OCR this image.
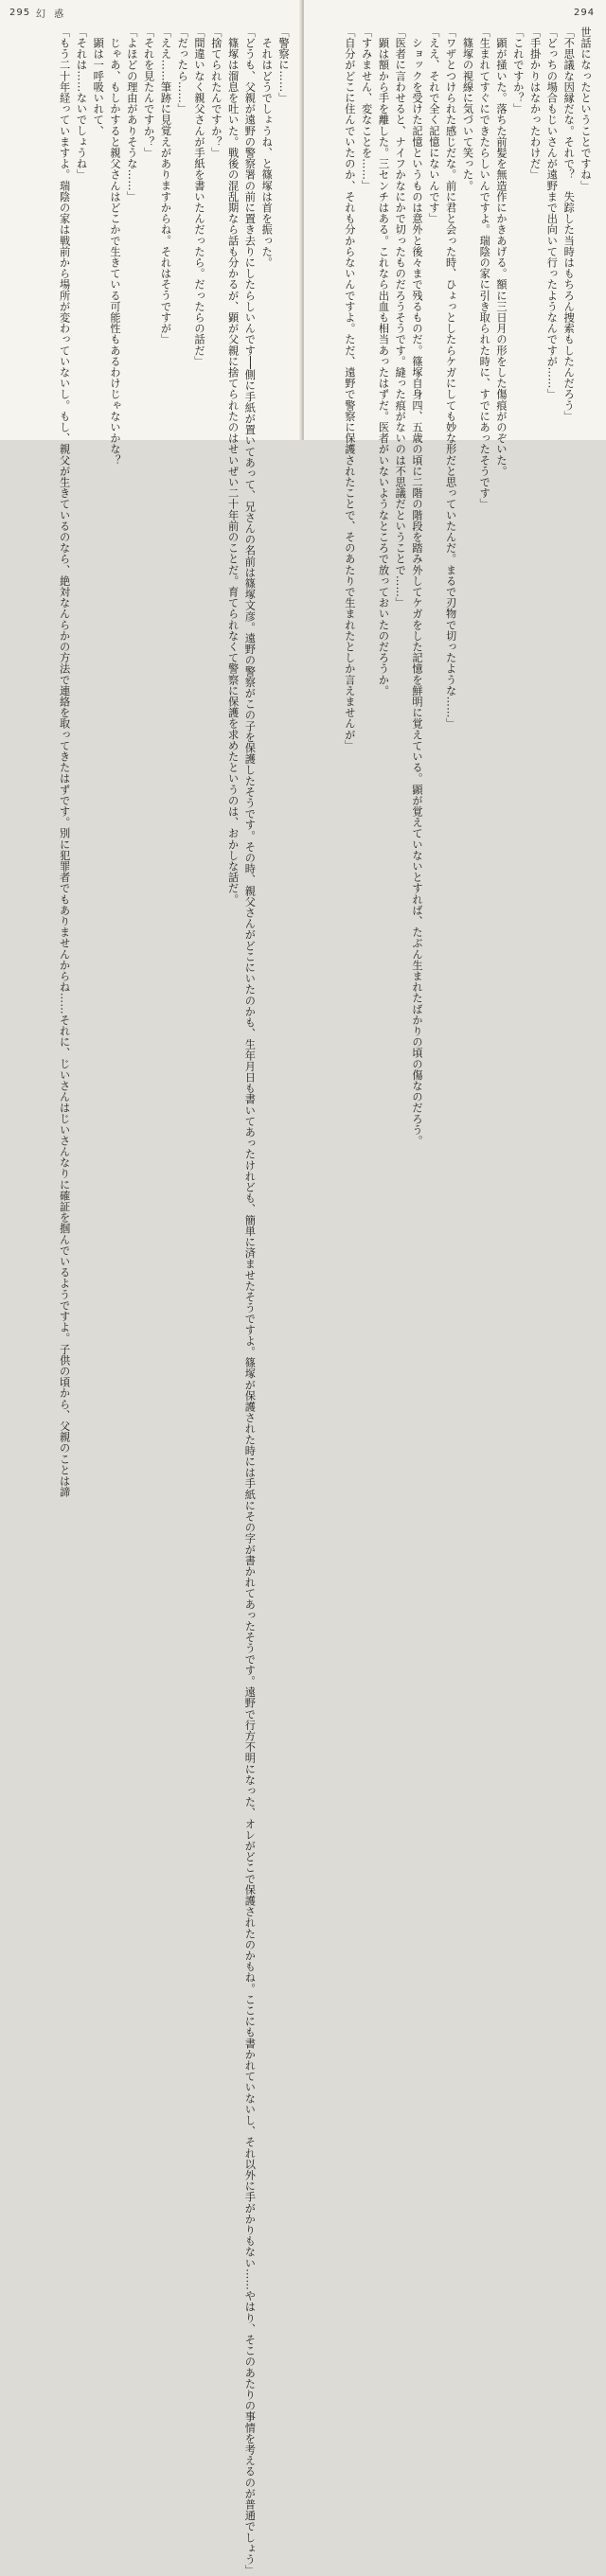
295 幻 惑
「警察に……」
　それはどうでしょうね、と篠塚は首を振った。
「どうも、父親が遠野の警察署の前に置き去りにしたらしいんです──側に手紙が置いてあって、兄さんの名前は篠塚文彦。遠野の警察がこの子を保護したそうです。その時、親父さんがどこにいたのかも、生年月日も書いてあったけれども、簡単に済ませたそうですよ。篠塚が保護された時には手紙にその字が書かれてあったそうです。遠野で行方不明になった、オレがどこで保護されたのかもね。ここにも書かれていないし、それ以外に手がかりもない……やはり、そこのあたりの事情を考えるのが普通でしょう」
　篠塚は溜息を吐いた。戦後の混乱期なら話も分かるが、顕が父親に捨てられたのはせいぜい二十年前のことだ。育てられなくて警察に保護を求めたというのは、おかしな話だ。
「捨てられたんですか？」
「間違いなく親父さんが手紙を書いたんだったら。だったらの話だ」
「だったら……」
「ええ……筆跡に見覚えがありますからね。それはそうですが」
「それを見たんですか？」
「よほどの理由がありそうな……」
　じゃあ、もしかすると親父さんはどこかで生きている可能性もあるわけじゃないかな？
　顕は一呼吸いれて、
「それは……ないでしょうね」
「もう二十年経っていますよ。瑞陰の家は戦前から場所が変わっていないし。もし、親父が生きているのなら、絶対なんらかの方法で連絡を取ってきたはずです。別に犯罪者でもありませんからね……それに、じいさんはじいさんなりに確証を掴んでいるようですよ。子供の頃から、父親のことは諦
294
世話になったということですね」
「不思議な因縁だな。それで？　失踪した当時はもちろん捜索もしたんだろう」
「どっちの場合もじいさんが遠野まで出向いて行ったようなんですが……」
「手掛かりはなかったわけだ」
「これですか？」
　顕が掻いた。落ちた前髪を無造作にかきあげる。額に三日月の形をした傷痕がのぞいた。
「生まれてすぐにできたらしいんですよ。瑞陰の家に引き取られた時に、すでにあったそうです」
　篠塚の視線に気づいて笑った。
「ワザとつけられた感じだな。前に君と会った時、ひょっとしたらケガにしても妙な形だと思っていたんだ。まるで刃物で切ったような……」
「ええ、それで全く記憶にないんです」
　ショックを受けた記憶というものは意外と後々まで残るものだ。篠塚自身四、五歳の頃に二階の階段を踏み外してケガをした記憶を鮮明に覚えている。顕が覚えていないとすれば、たぶん生まれたばかりの頃の傷なのだろう。
「医者に言わせると、ナイフかなにかで切ったものだろうそうです。縫った痕がないのは不思議だということで……」
　顕は額から手を離した。三センチはある。これなら出血も相当あったはずだ。医者がいないようなところで放っておいたのだろうか。
「すみません、変なことを……」
「自分がどこに住んでいたのか、それも分からないんですよ。ただ、遠野で警察に保護されたことで、そのあたりで生まれたとしか言えませんが」
